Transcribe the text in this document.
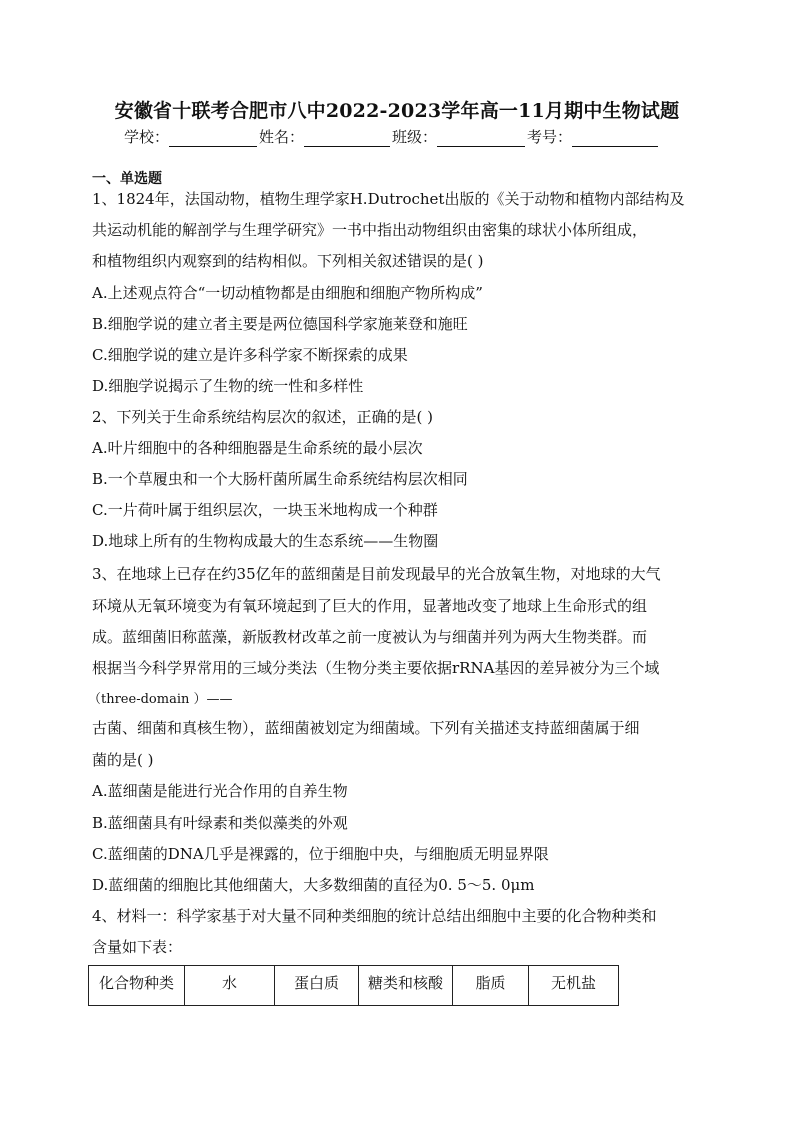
安徽省十联考合肥市八中2022-2023学年高一11月期中生物试题
学校：	姓名：	班级：	考号：
一、单选题
1、1824年，法国动物，植物生理学家H.Dutrochet出版的《关于动物和植物内部结构及
共运动机能的解剖学与生理学研究》一书中指出动物组织由密集的球状小体所组成，
和植物组织内观察到的结构相似。下列相关叙述错误的是( )
A.上述观点符合“一切动植物都是由细胞和细胞产物所构成”
B.细胞学说的建立者主要是两位德国科学家施莱登和施旺
C.细胞学说的建立是许多科学家不断探索的成果
D.细胞学说揭示了生物的统一性和多样性
2、下列关于生命系统结构层次的叙述，正确的是( )
A.叶片细胞中的各种细胞器是生命系统的最小层次
B.一个草履虫和一个大肠杆菌所属生命系统结构层次相同
C.一片荷叶属于组织层次，一块玉米地构成一个种群
D.地球上所有的生物构成最大的生态系统——生物圈
3、在地球上已存在约35亿年的蓝细菌是目前发现最早的光合放氧生物，对地球的大气
环境从无氧环境变为有氧环境起到了巨大的作用，显著地改变了地球上生命形式的组
成。蓝细菌旧称蓝藻，新版教材改革之前一度被认为与细菌并列为两大生物类群。而
根据当今科学界常用的三域分类法（生物分类主要依据rRNA基因的差异被分为三个域
（three-domain ）——
古菌、细菌和真核生物），蓝细菌被划定为细菌域。下列有关描述支持蓝细菌属于细
菌的是( )
A.蓝细菌是能进行光合作用的自养生物
B.蓝细菌具有叶绿素和类似藻类的外观
C.蓝细菌的DNA几乎是裸露的，位于细胞中央，与细胞质无明显界限
D.蓝细菌的细胞比其他细菌大，大多数细菌的直径为0. 5～5. 0μm
4、材料一：科学家基于对大量不同种类细胞的统计总结出细胞中主要的化合物种类和
含量如下表：
化合物种类	水	蛋白质	糖类和核酸	脂质	无机盐
